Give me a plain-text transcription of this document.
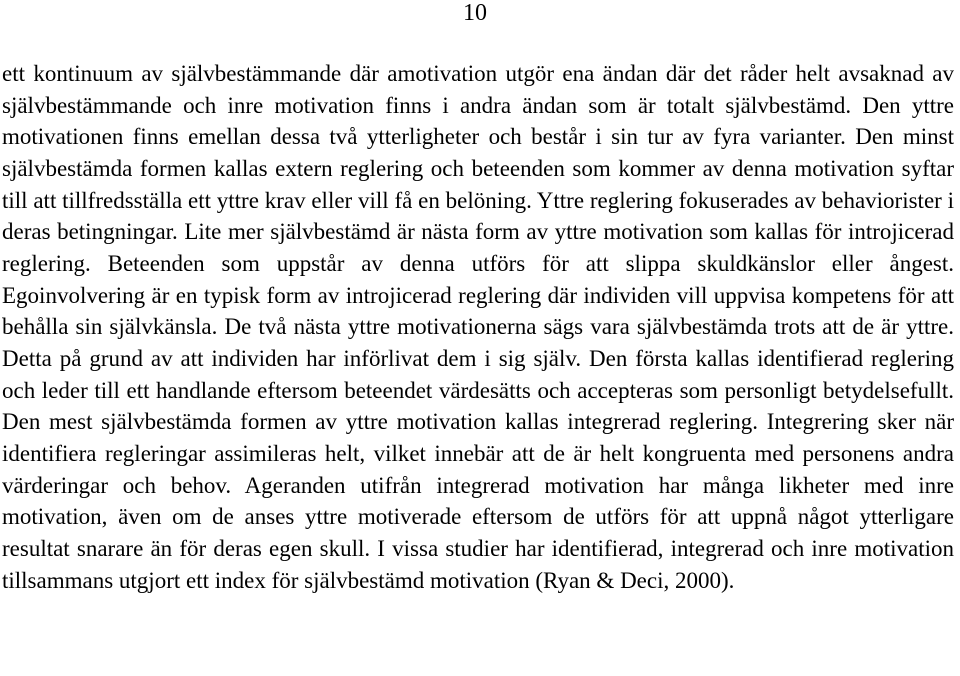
10

ett kontinuum av självbestämmande där amotivation utgör ena ändan där det råder helt avsaknad av självbestämmande och inre motivation finns i andra ändan som är totalt självbestämd. Den yttre motivationen finns emellan dessa två ytterligheter och består i sin tur av fyra varianter. Den minst självbestämda formen kallas extern reglering och beteenden som kommer av denna motivation syftar till att tillfredsställa ett yttre krav eller vill få en belöning. Yttre reglering fokuserades av behaviorister i deras betingningar. Lite mer självbestämd är nästa form av yttre motivation som kallas för introjicerad reglering. Beteenden som uppstår av denna utförs för att slippa skuldkänslor eller ångest. Egoinvolvering är en typisk form av introjicerad reglering där individen vill uppvisa kompetens för att behålla sin självkänsla. De två nästa yttre motivationerna sägs vara självbestämda trots att de är yttre. Detta på grund av att individen har införlivat dem i sig själv. Den första kallas identifierad reglering och leder till ett handlande eftersom beteendet värdesätts och accepteras som personligt betydelsefullt. Den mest självbestämda formen av yttre motivation kallas integrerad reglering. Integrering sker när identifiera regleringar assimileras helt, vilket innebär att de är helt kongruenta med personens andra värderingar och behov. Ageranden utifrån integrerad motivation har många likheter med inre motivation, även om de anses yttre motiverade eftersom de utförs för att uppnå något ytterligare resultat snarare än för deras egen skull. I vissa studier har identifierad, integrerad och inre motivation tillsammans utgjort ett index för självbestämd motivation (Ryan & Deci, 2000).
